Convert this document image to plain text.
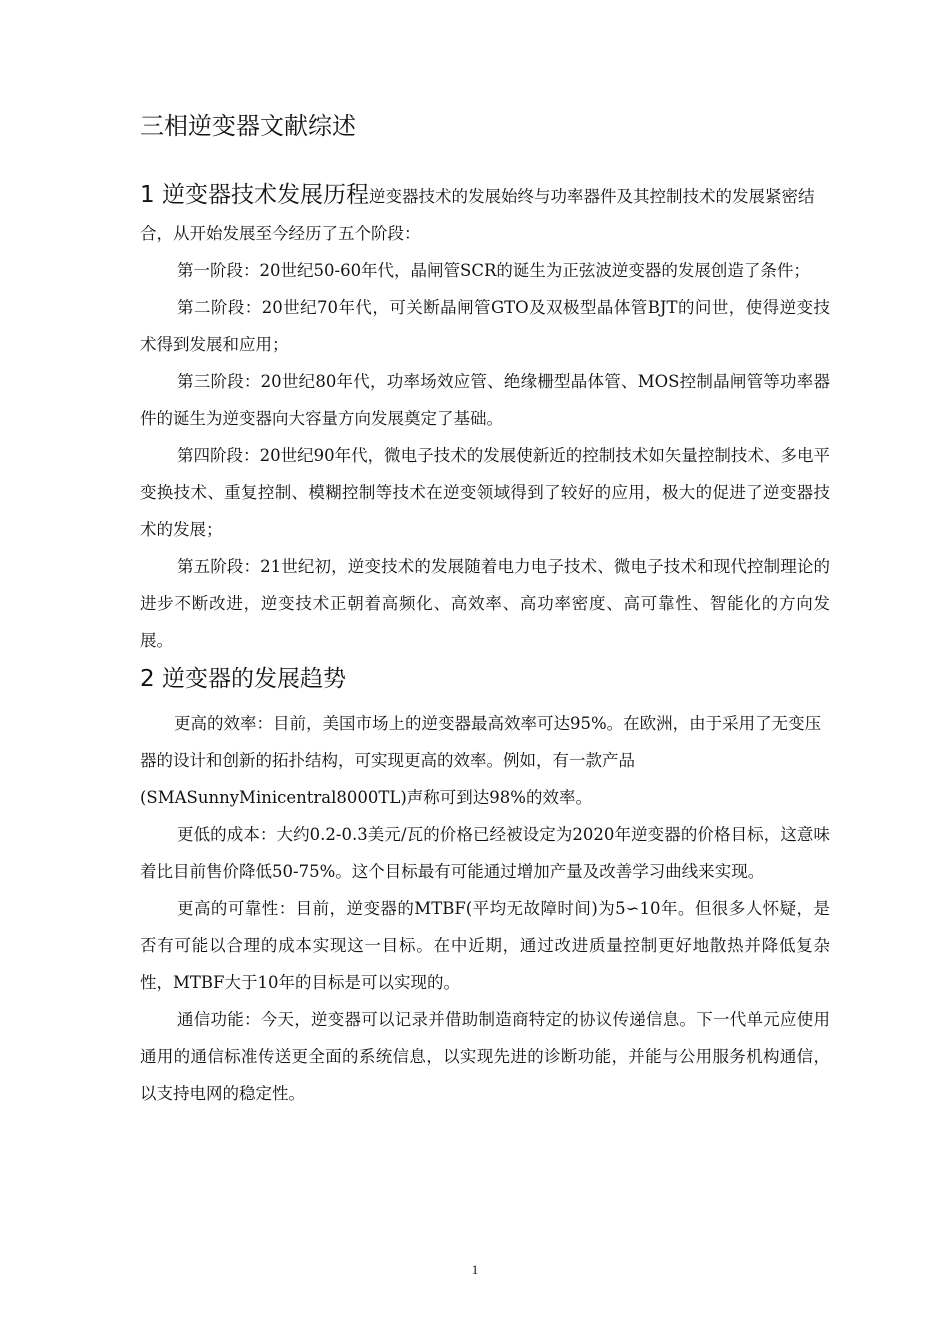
三相逆变器文献综述

1 逆变器技术发展历程逆变器技术的发展始终与功率器件及其控制技术的发展紧密结合，从开始发展至今经历了五个阶段：

第一阶段：20世纪50-60年代，晶闸管SCR的诞生为正弦波逆变器的发展创造了条件；

第二阶段：20世纪70年代，可关断晶闸管GTO及双极型晶体管BJT的问世，使得逆变技术得到发展和应用；

第三阶段：20世纪80年代，功率场效应管、绝缘栅型晶体管、MOS控制晶闸管等功率器件的诞生为逆变器向大容量方向发展奠定了基础。

第四阶段：20世纪90年代，微电子技术的发展使新近的控制技术如矢量控制技术、多电平变换技术、重复控制、模糊控制等技术在逆变领域得到了较好的应用，极大的促进了逆变器技术的发展；

第五阶段：21世纪初，逆变技术的发展随着电力电子技术、微电子技术和现代控制理论的进步不断改进，逆变技术正朝着高频化、高效率、高功率密度、高可靠性、智能化的方向发展。

2 逆变器的发展趋势

更高的效率：目前，美国市场上的逆变器最高效率可达95%。在欧洲，由于采用了无变压器的设计和创新的拓扑结构，可实现更高的效率。例如，有一款产品(SMASunnyMinicentral8000TL)声称可到达98%的效率。

更低的成本：大约0.2-0.3美元/瓦的价格已经被设定为2020年逆变器的价格目标，这意味着比目前售价降低50-75%。这个目标最有可能通过增加产量及改善学习曲线来实现。

更高的可靠性：目前，逆变器的MTBF(平均无故障时间)为5∽10年。但很多人怀疑，是否有可能以合理的成本实现这一目标。在中近期，通过改进质量控制更好地散热并降低复杂性，MTBF大于10年的目标是可以实现的。

通信功能：今天，逆变器可以记录并借助制造商特定的协议传递信息。下一代单元应使用通用的通信标准传送更全面的系统信息，以实现先进的诊断功能，并能与公用服务机构通信，以支持电网的稳定性。

1
